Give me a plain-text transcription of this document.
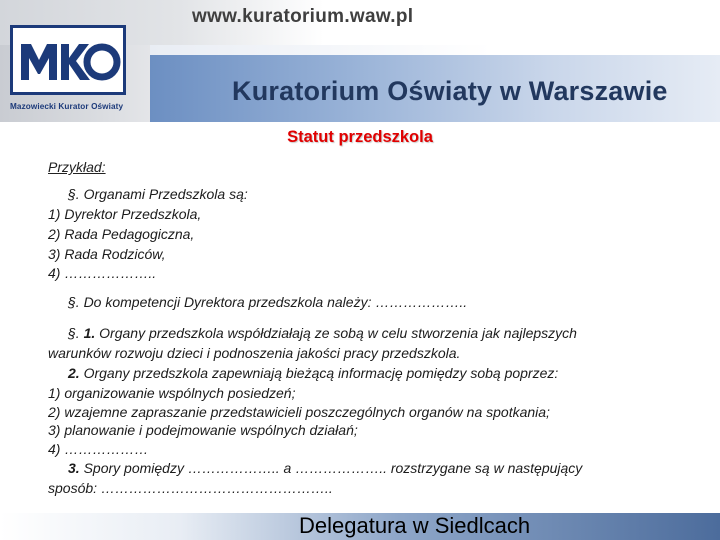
www.kuratorium.waw.pl
Kuratorium Oświaty w Warszawie
Mazowiecki Kurator Oświaty
Statut przedszkola
Przykład:
§. Organami Przedszkola są:
1) Dyrektor Przedszkola,
2) Rada Pedagogiczna,
3) Rada Rodziców,
4) ………………..
§. Do kompetencji Dyrektora przedszkola należy: ………………..
§. 1. Organy przedszkola współdziałają ze sobą w celu stworzenia jak najlepszych
warunków rozwoju dzieci i podnoszenia jakości pracy przedszkola.
2. Organy przedszkola zapewniają bieżącą informację pomiędzy sobą poprzez:
1) organizowanie wspólnych posiedzeń;
2) wzajemne zapraszanie przedstawicieli poszczególnych organów na spotkania;
3) planowanie i podejmowanie wspólnych działań;
4) ………………
3. Spory pomiędzy ……………….. a ……………….. rozstrzygane są w następujący
sposób: …………………………………………..
Delegatura w Siedlcach
